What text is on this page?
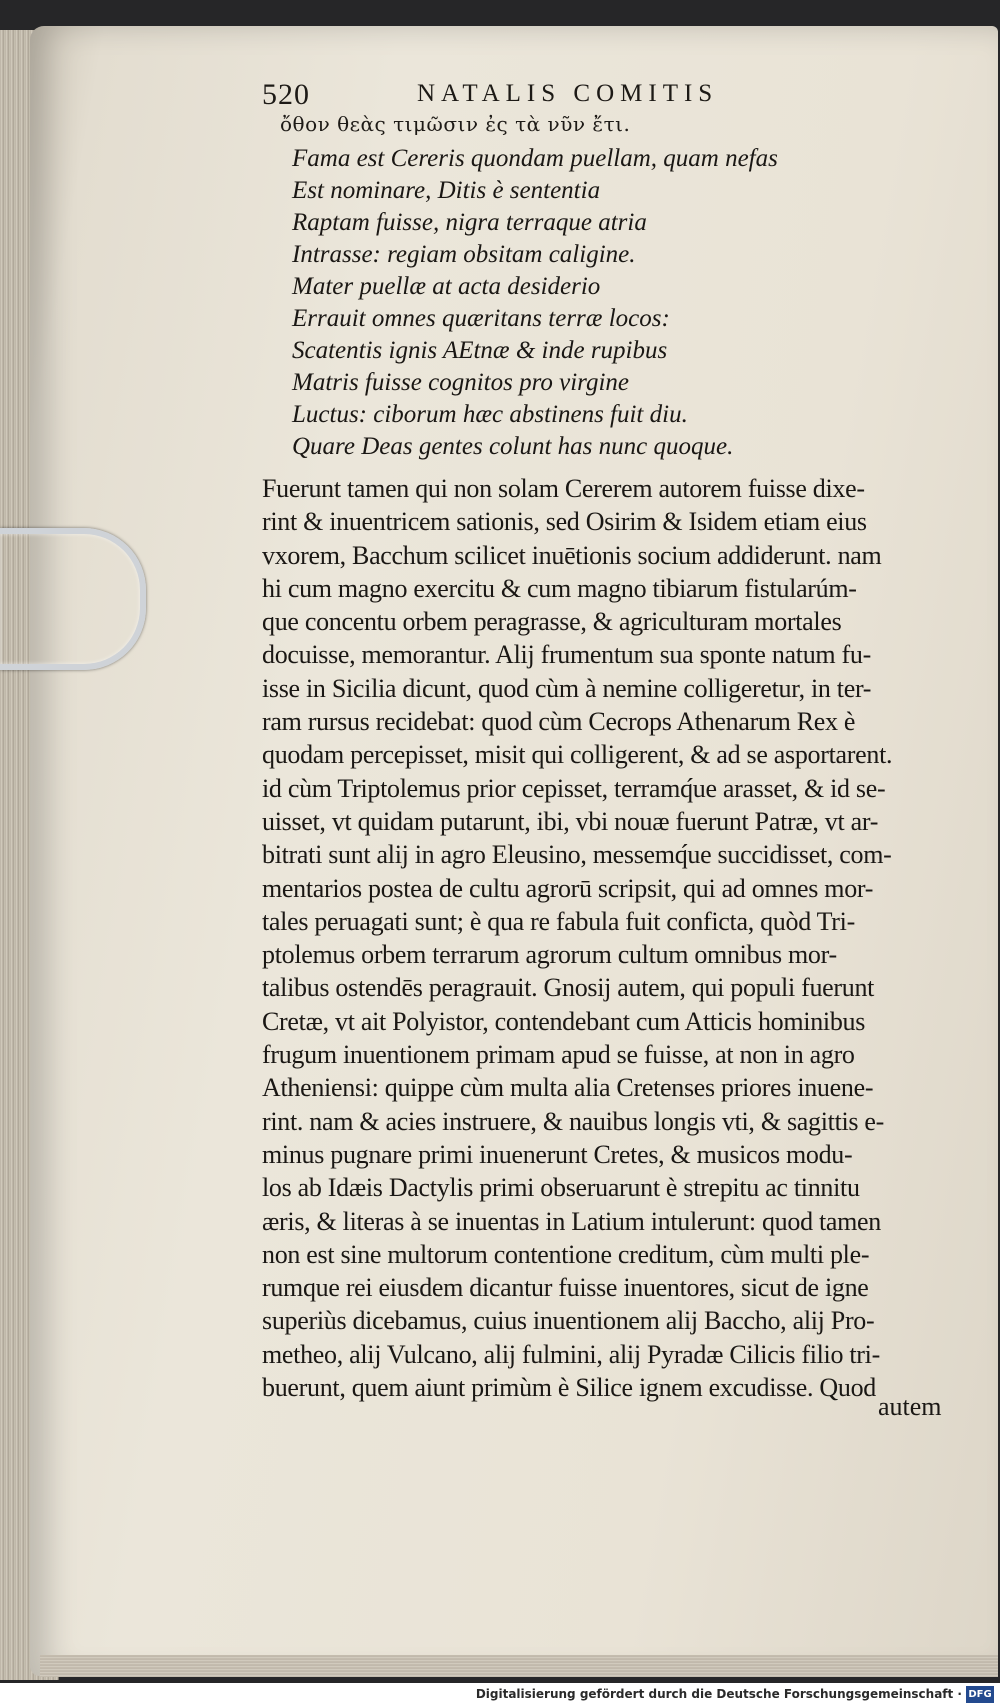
520	NATALIS COMITIS
ὄθον θεὰς τιμῶσιν ἐς τὰ νῦν ἔτι.
Fama est Cereris quondam puellam, quam nefas
Est nominare, Ditis è sententia
Raptam fuisse, nigra terraque atria
Intrasse: regiam obsitam caligine.
Mater puellæ at acta desiderio
Errauit omnes quæritans terræ locos:
Scatentis ignis AEtnæ & inde rupibus
Matris fuisse cognitos pro virgine
Luctus: ciborum hæc abstinens fuit diu.
Quare Deas gentes colunt has nunc quoque.
Fuerunt tamen qui non solam Cererem autorem fuisse dixe-
rint & inuentricem sationis, sed Osirim & Isidem etiam eius
vxorem, Bacchum scilicet inuētionis socium addiderunt. nam
hi cum magno exercitu & cum magno tibiarum fistularúm-
que concentu orbem peragrasse, & agriculturam mortales
docuisse, memorantur. Alij frumentum sua sponte natum fu-
isse in Sicilia dicunt, quod cùm à nemine colligeretur, in ter-
ram rursus recidebat: quod cùm Cecrops Athenarum Rex è
quodam percepisset, misit qui colligerent, & ad se asportarent.
id cùm Triptolemus prior cepisset, terramq́ue arasset, & id se-
uisset, vt quidam putarunt, ibi, vbi nouæ fuerunt Patræ, vt ar-
bitrati sunt alij in agro Eleusino, messemq́ue succidisset, com-
mentarios postea de cultu agrorū scripsit, qui ad omnes mor-
tales peruagati sunt; è qua re fabula fuit conficta, quòd Tri-
ptolemus orbem terrarum agrorum cultum omnibus mor-
talibus ostendēs peragrauit. Gnosij autem, qui populi fuerunt
Cretæ, vt ait Polyistor, contendebant cum Atticis hominibus
frugum inuentionem primam apud se fuisse, at non in agro
Atheniensi: quippe cùm multa alia Cretenses priores inuene-
rint. nam & acies instruere, & nauibus longis vti, & sagittis e-
minus pugnare primi inuenerunt Cretes, & musicos modu-
los ab Idæis Dactylis primi obseruarunt è strepitu ac tinnitu
æris, & literas à se inuentas in Latium intulerunt: quod tamen
non est sine multorum contentione creditum, cùm multi ple-
rumque rei eiusdem dicantur fuisse inuentores, sicut de igne
superiùs dicebamus, cuius inuentionem alij Baccho, alij Pro-
metheo, alij Vulcano, alij fulmini, alij Pyradæ Cilicis filio tri-
buerunt, quem aiunt primùm è Silice ignem excudisse. Quod
autem
Digitalisierung gefördert durch die Deutsche Forschungsgemeinschaft · DFG
